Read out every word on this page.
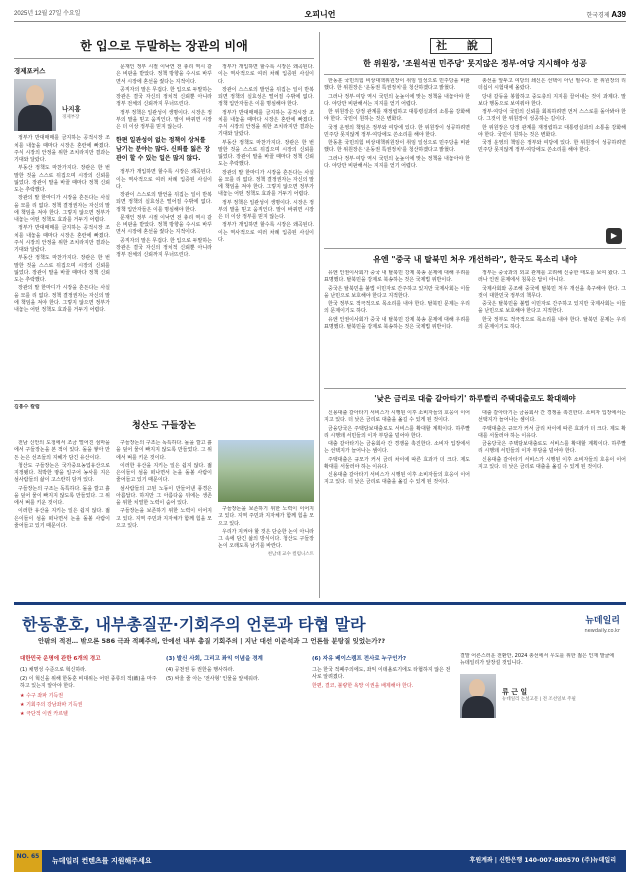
2025년 12월 27일 수요일	오피니언	한국경제 A39
한 입으로 두말하는 장관의 비애
경제포커스
나지홍
경제부장

정부가 반대매매를 금지하는 공적시장 조치를 내놓을 때마다 시장은 혼란에 빠졌다. 주식 시장의 안정을 위한 조치라지만 결과는 기대와 달랐다.

부동산 정책도 마찬가지다. 장관은 한 번 말한 것을 스스로 뒤집으며 시장의 신뢰를 잃었다. 장관이 말을 바꿀 때마다 정책 신뢰도는 추락했다.

장관의 말 한마디가 시장을 흔든다는 사실을 모를 리 없다. 정책 결정권자는 자신의 말에 책임을 져야 한다. 그렇지 않으면 정부가 내놓는 어떤 정책도 효과를 거두기 어렵다.

정부가 반대매매를 금지하는 공적시장 조치를 내놓을 때마다 시장은 혼란에 빠졌다. 주식 시장의 안정을 위한 조치라지만 결과는 기대와 달랐다.

부동산 정책도 마찬가지다. 장관은 한 번 말한 것을 스스로 뒤집으며 시장의 신뢰를 잃었다. 장관이 말을 바꿀 때마다 정책 신뢰도는 추락했다.

장관의 말 한마디가 시장을 흔든다는 사실을 모를 리 없다. 정책 결정권자는 자신의 말에 책임을 져야 한다. 그렇지 않으면 정부가 내놓는 어떤 정책도 효과를 거두기 어렵다.

문재인 정부 시절 이낙연 전 총리 역시 같은 비판을 받았다. 정책 방향을 수시로 바꾸면서 시장에 혼선을 줬다는 지적이다.

공직자의 말은 무겁다. 한 입으로 두말하는 장관은 결국 자신의 정치적 신뢰뿐 아니라 정부 전체의 신뢰까지 무너뜨린다.

정부 정책은 일관성이 생명이다. 시장은 정부의 말을 믿고 움직인다. 말이 바뀌면 시장은 더 이상 정부를 믿지 않는다.

한편 일관성이 없는 정책이 상처를 남기는 분야는 많다. 신뢰를 잃은 장관이 할 수 있는 일은 많지 않다.

정부가 개입하면 할수록 시장은 왜곡된다. 이는 역사적으로 여러 차례 입증된 사실이다.

장관이 스스로의 발언을 뒤집는 일이 반복되면 정책의 실효성은 떨어질 수밖에 없다. 정책 입안자들은 이를 명심해야 한다.

문재인 정부 시절 이낙연 전 총리 역시 같은 비판을 받았다. 정책 방향을 수시로 바꾸면서 시장에 혼선을 줬다는 지적이다.

공직자의 말은 무겁다. 한 입으로 두말하는 장관은 결국 자신의 정치적 신뢰뿐 아니라 정부 전체의 신뢰까지 무너뜨린다.

정부가 개입하면 할수록 시장은 왜곡된다. 이는 역사적으로 여러 차례 입증된 사실이다.

장관이 스스로의 발언을 뒤집는 일이 반복되면 정책의 실효성은 떨어질 수밖에 없다. 정책 입안자들은 이를 명심해야 한다.

정부가 반대매매를 금지하는 공적시장 조치를 내놓을 때마다 시장은 혼란에 빠졌다. 주식 시장의 안정을 위한 조치라지만 결과는 기대와 달랐다.

부동산 정책도 마찬가지다. 장관은 한 번 말한 것을 스스로 뒤집으며 시장의 신뢰를 잃었다. 장관이 말을 바꿀 때마다 정책 신뢰도는 추락했다.

장관의 말 한마디가 시장을 흔든다는 사실을 모를 리 없다. 정책 결정권자는 자신의 말에 책임을 져야 한다. 그렇지 않으면 정부가 내놓는 어떤 정책도 효과를 거두기 어렵다.

정부 정책은 일관성이 생명이다. 시장은 정부의 말을 믿고 움직인다. 말이 바뀌면 시장은 더 이상 정부를 믿지 않는다.

정부가 개입하면 할수록 시장은 왜곡된다. 이는 역사적으로 여러 차례 입증된 사실이다.

김홍수 칼럼
청산도 구들장논

전남 신안의 도청에서 조금 떨어진 섬마을에서 구들장논을 본 적이 있다. 돌을 쌓아 만든 논은 선조들의 지혜가 담긴 유산이다.

청산도 구들장논은 국가중요농업유산으로 지정됐다. 척박한 땅을 일구어 농사를 지은 섬사람들의 삶이 고스란히 담겨 있다.

구들장논의 구조는 독특하다. 돌을 깔고 흙을 덮어 물이 빠지지 않도록 만들었다. 그 위에서 벼를 키운 것이다.

이러한 유산을 지키는 일은 쉽지 않다. 젊은이들이 섬을 떠나면서 논을 돌볼 사람이 줄어들고 있기 때문이다.

구들장논의 구조는 독특하다. 돌을 깔고 흙을 덮어 물이 빠지지 않도록 만들었다. 그 위에서 벼를 키운 것이다.

이러한 유산을 지키는 일은 쉽지 않다. 젊은이들이 섬을 떠나면서 논을 돌볼 사람이 줄어들고 있기 때문이다.

섬사람들의 고된 노동이 만들어낸 풍경은 아름답다. 하지만 그 아름다움 뒤에는 생존을 위한 치열한 노력이 숨어 있다.

구들장논을 보존하기 위한 노력이 이어지고 있다. 지역 주민과 지자체가 함께 힘을 모으고 있다.

구들장논을 보존하기 위한 노력이 이어지고 있다. 지역 주민과 지자체가 함께 힘을 모으고 있다.

우리가 지켜야 할 것은 단순한 논이 아니라 그 속에 담긴 삶의 방식이다. 청산도 구들장논이 오래도록 남기를 바란다.

천남대 교수 컬럼니스트
社 說
한 위원장, '조원석권 민주당' 못지않은 정부·여당 지시해야 성공

한동훈 국민의힘 비상대책위원장이 취임 일성으로 민주당을 비판했다. 한 위원장은 '운동권 특권정치'를 청산하겠다고 밝혔다.

그러나 정부·여당 역시 국민의 눈높이에 맞는 정책을 내놓아야 한다. 야당만 비판해서는 지지를 얻기 어렵다.

한 위원장은 당정 관계를 재정립하고 대통령실과의 소통을 강화해야 한다. 국민이 원하는 것은 변화다.

국정 운영의 책임은 정부와 여당에 있다. 한 위원장이 성공하려면 민주당 못지않게 정부·여당에도 쓴소리를 해야 한다.

한동훈 국민의힘 비상대책위원장이 취임 일성으로 민주당을 비판했다. 한 위원장은 '운동권 특권정치'를 청산하겠다고 밝혔다.

그러나 정부·여당 역시 국민의 눈높이에 맞는 정책을 내놓아야 한다. 야당만 비판해서는 지지를 얻기 어렵다.

총선을 앞두고 여당의 쇄신은 선택이 아닌 필수다. 한 위원장의 리더십이 시험대에 올랐다.

당내 갈등을 봉합하고 중도층의 지지를 끌어내는 것이 과제다. 말보다 행동으로 보여줘야 한다.

정부·여당이 국민의 신뢰를 회복하려면 먼저 스스로를 돌아봐야 한다. 그것이 한 위원장이 성공하는 길이다.

한 위원장은 당정 관계를 재정립하고 대통령실과의 소통을 강화해야 한다. 국민이 원하는 것은 변화다.

국정 운영의 책임은 정부와 여당에 있다. 한 위원장이 성공하려면 민주당 못지않게 정부·여당에도 쓴소리를 해야 한다.

▶
유엔 "중국 내 탈북민 처우 개선하라", 한국도 목소리 내야

유엔 인권이사회가 중국 내 탈북민 강제 북송 문제에 대해 우려를 표명했다. 탈북민을 강제로 북송하는 것은 국제법 위반이다.

중국은 탈북민을 불법 이민자로 간주하고 있지만 국제사회는 이들을 난민으로 보호해야 한다고 지적한다.

한국 정부도 적극적으로 목소리를 내야 한다. 탈북민 문제는 우리의 문제이기도 하다.

유엔 인권이사회가 중국 내 탈북민 강제 북송 문제에 대해 우려를 표명했다. 탈북민을 강제로 북송하는 것은 국제법 위반이다.

정부는 중국과의 외교 관계를 고려해 신중한 태도를 보여 왔다. 그러나 인권 문제에서 침묵은 답이 아니다.

국제사회와 공조해 중국에 탈북민 처우 개선을 촉구해야 한다. 그것이 대한민국 정부의 책무다.

중국은 탈북민을 불법 이민자로 간주하고 있지만 국제사회는 이들을 난민으로 보호해야 한다고 지적한다.

한국 정부도 적극적으로 목소리를 내야 한다. 탈북민 문제는 우리의 문제이기도 하다.

'낮은 금리로 대출 갈아타기' 하루빨리 주택대출로도 확대해야

신용대출 갈아타기 서비스가 시행된 이후 소비자들의 호응이 이어지고 있다. 더 낮은 금리로 대출을 옮길 수 있게 된 것이다.

금융당국은 주택담보대출로도 서비스를 확대할 계획이다. 하루빨리 시행돼 서민들의 이자 부담을 덜어야 한다.

대출 갈아타기는 금융회사 간 경쟁을 촉진한다. 소비자 입장에서는 선택지가 늘어나는 셈이다.

주택대출은 규모가 커서 금리 차이에 따른 효과가 더 크다. 제도 확대를 서둘러야 하는 이유다.

신용대출 갈아타기 서비스가 시행된 이후 소비자들의 호응이 이어지고 있다. 더 낮은 금리로 대출을 옮길 수 있게 된 것이다.

대출 갈아타기는 금융회사 간 경쟁을 촉진한다. 소비자 입장에서는 선택지가 늘어나는 셈이다.

주택대출은 규모가 커서 금리 차이에 따른 효과가 더 크다. 제도 확대를 서둘러야 하는 이유다.

금융당국은 주택담보대출로도 서비스를 확대할 계획이다. 하루빨리 시행돼 서민들의 이자 부담을 덜어야 한다.

신용대출 갈아타기 서비스가 시행된 이후 소비자들의 호응이 이어지고 있다. 더 낮은 금리로 대출을 옮길 수 있게 된 것이다.

한동훈호, 내부총질꾼·기회주의 언론과 타협 말라	뉴데일리
newdaily.co.kr
안팎의 적전… 밖으론 586 극좌 적폐주의, 안에선 내부 총질 기회주의 | 지난 대선 이준석과 그 언론들 분탕질 잊었는가??
대한민국 운명에 관한 6개의 경고

(1) 채명성 수준으로 혁신하라.

(2) 이 혁신을 위해 한동훈 비대위는 어떤 종류의 적(敵)을 마주하고 있는지 알아야 한다.

★ 수구 좌파 기득권

★ 기회주의 강남좌파 기득권

★ 극단적 이권 카르텔

(3) 발신 사회, 그리고 좌익 이념을 경계

(4) 공천권 등 권한을 행사하라.

(5) 싸울 줄 아는 '전사형' 인물을 앞세워라.

(6) 자유 베이스캠프 전사로 누구인가?

그는 한국 적폐주의에도, 좌익 이데올로기에도 타협하지 않은 전사로 알려졌다.

한편, 결코, 불량한 욕망 이권을 배제해야 한다.

결말 어른스러운 전환만, 2024 총선에서 우도를 위한 젊은 인재 발굴에 뉴데일리가 앞장설 것입니다.

류 근 일
뉴데일리 논설고문 | 전 조선일보 주필
NO. 65
뉴데일리 컨텐츠를 지원해주세요	후원계좌 | 신한은행 140-007-880570 (주)뉴데일리
